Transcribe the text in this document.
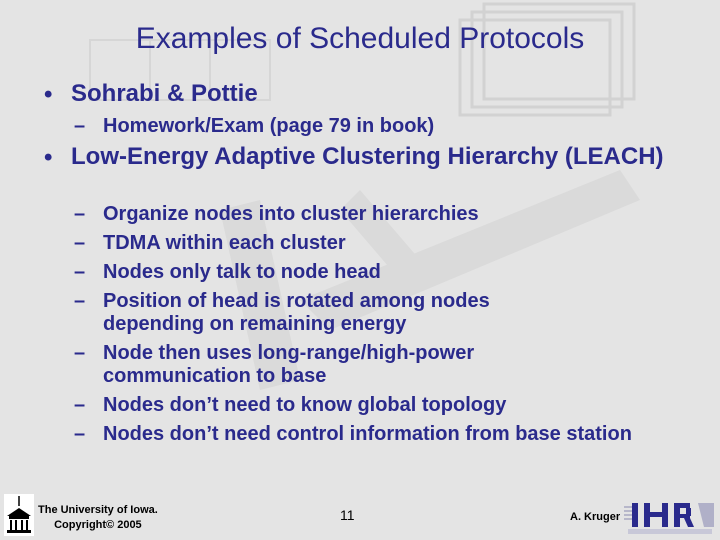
Examples of Scheduled Protocols
• Sohrabi & Pottie
– Homework/Exam (page 79 in book)
• Low-Energy Adaptive Clustering Hierarchy (LEACH)
– Organize nodes into cluster hierarchies
– TDMA within each cluster
– Nodes only talk to node head
– Position of head is rotated among nodes depending on remaining energy
– Node then uses long-range/high-power communication to base
– Nodes don’t need to know global topology
– Nodes don’t need control information from base station
The University of Iowa.
Copyright© 2005
11	A. Kruger
